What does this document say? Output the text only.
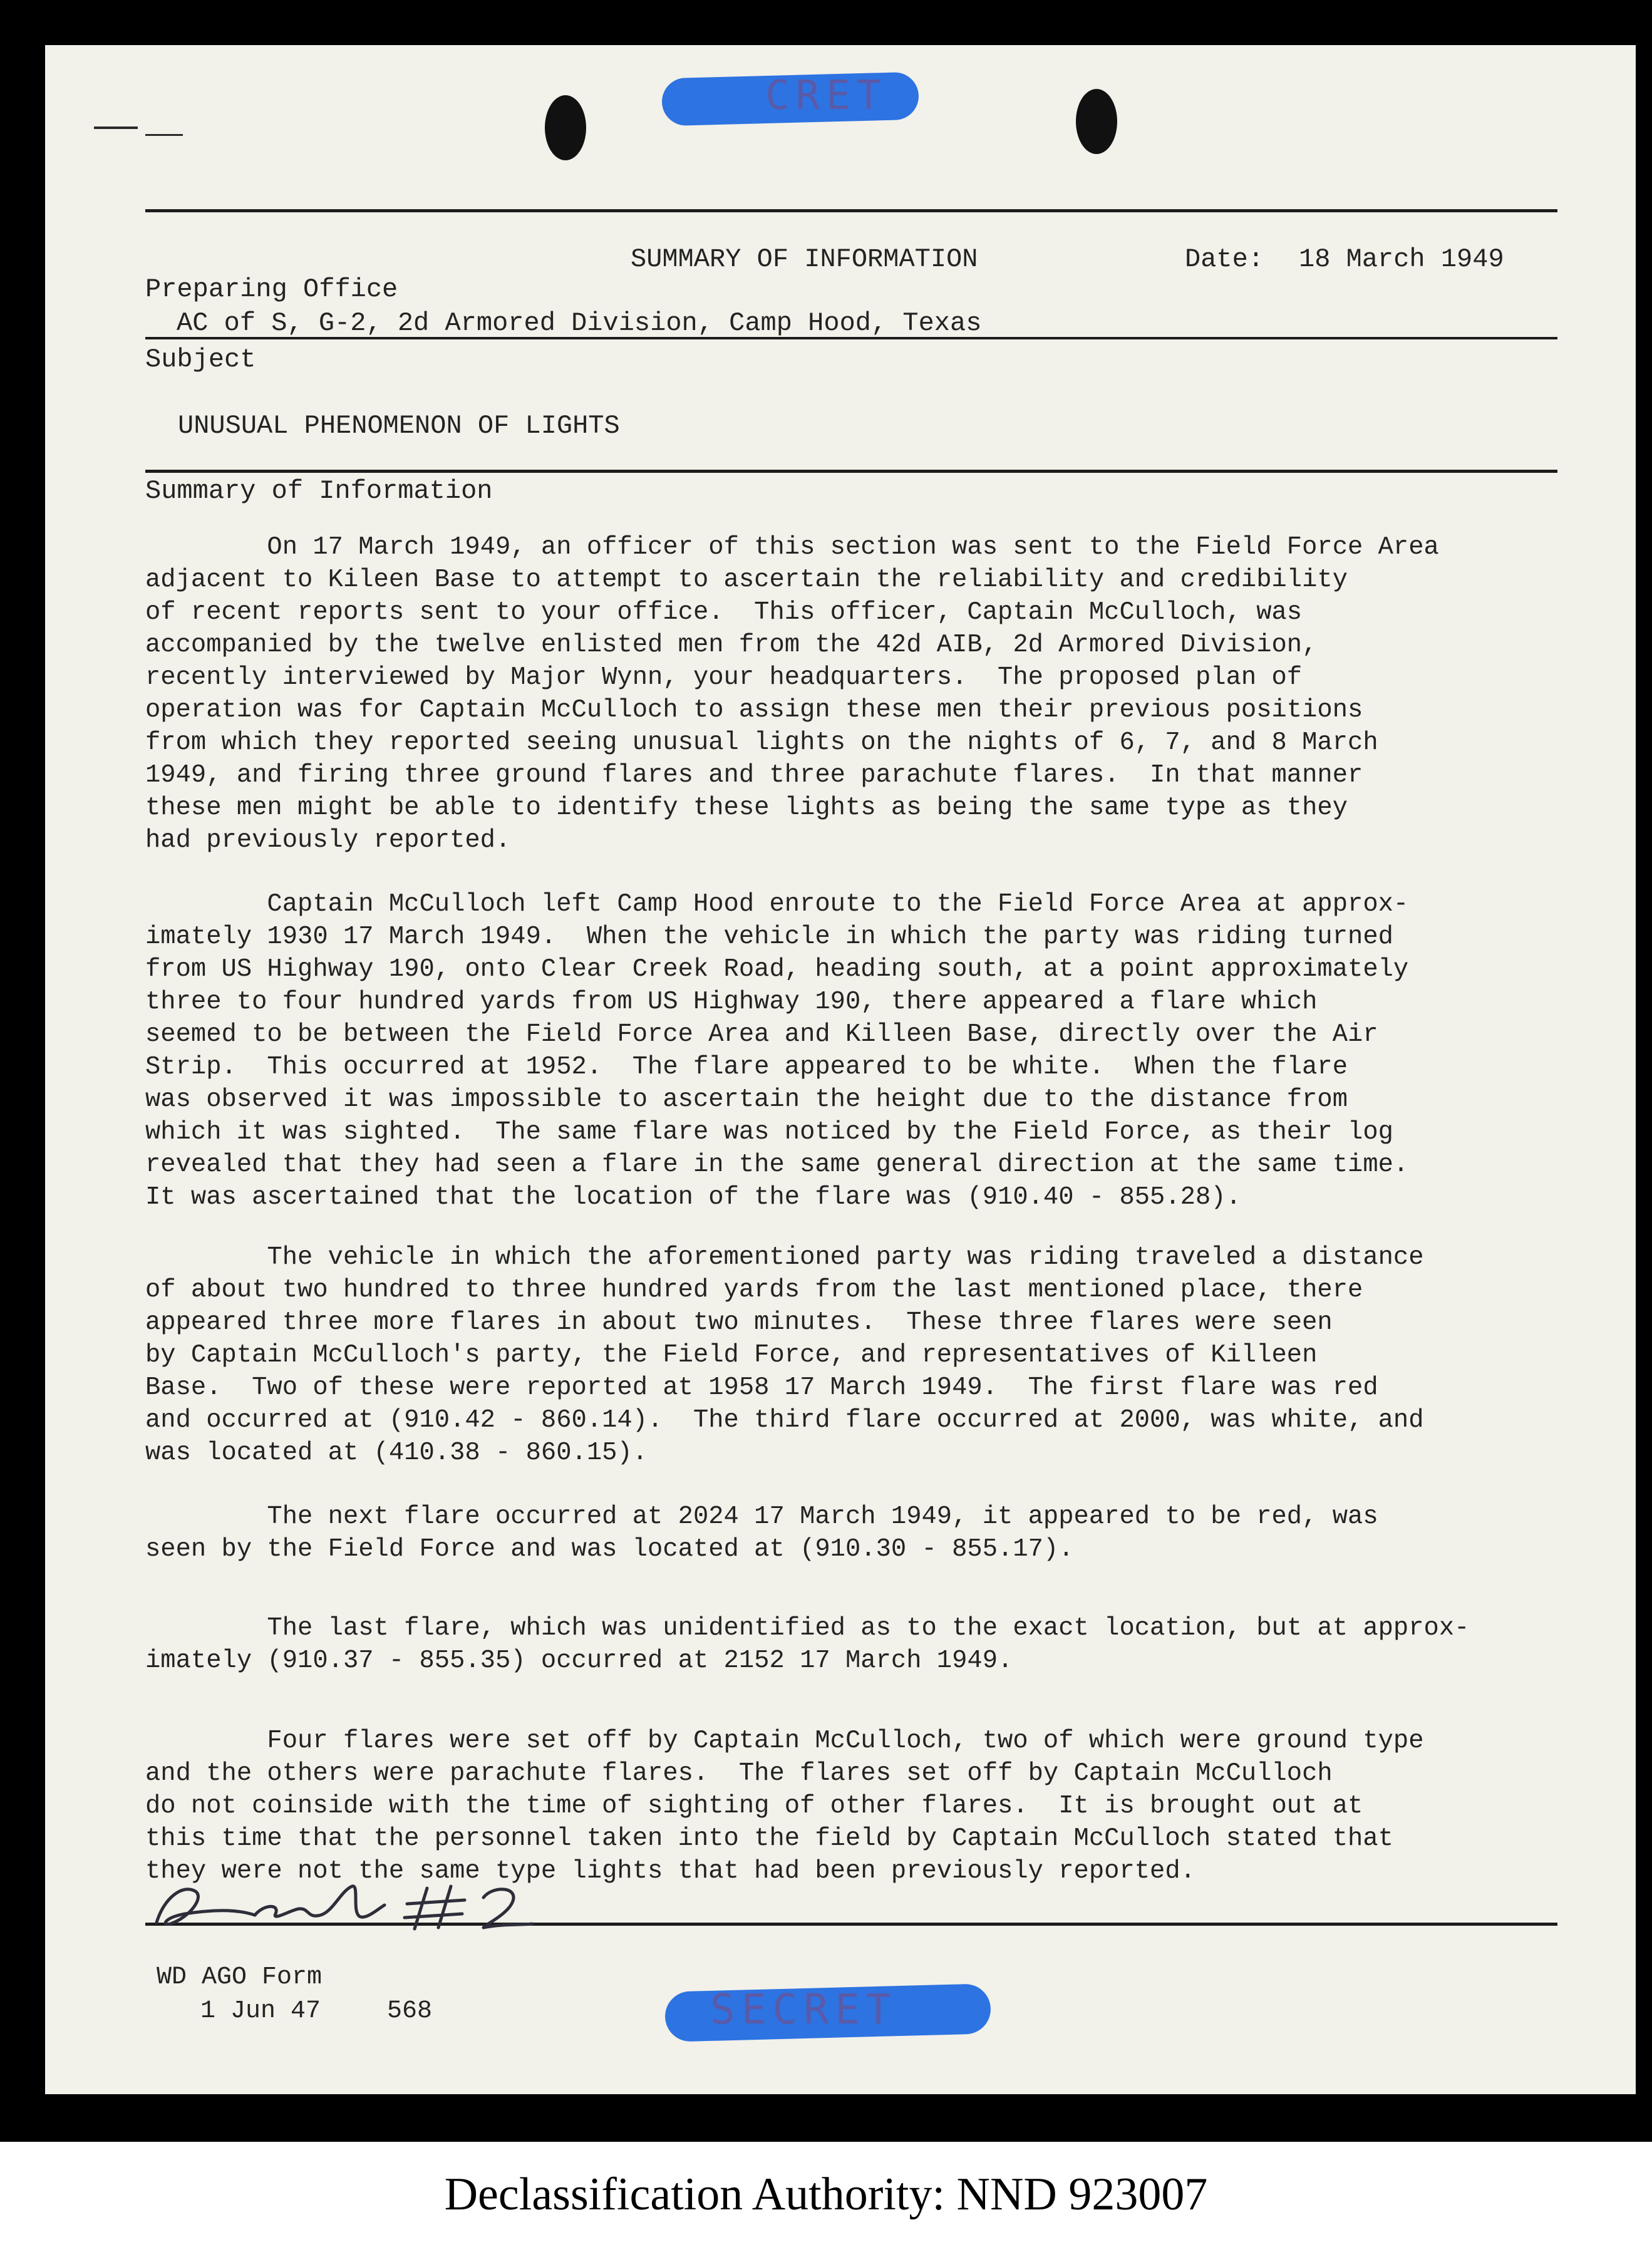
CRET
SUMMARY OF INFORMATION	Date: 18 March 1949
Preparing Office
AC of S, G-2, 2d Armored Division, Camp Hood, Texas
Subject
UNUSUAL PHENOMENON OF LIGHTS
Summary of Information
On 17 March 1949, an officer of this section was sent to the Field Force Area
adjacent to Kileen Base to attempt to ascertain the reliability and credibility
of recent reports sent to your office.  This officer, Captain McCulloch, was
accompanied by the twelve enlisted men from the 42d AIB, 2d Armored Division,
recently interviewed by Major Wynn, your headquarters.  The proposed plan of
operation was for Captain McCulloch to assign these men their previous positions
from which they reported seeing unusual lights on the nights of 6, 7, and 8 March
1949, and firing three ground flares and three parachute flares.  In that manner
these men might be able to identify these lights as being the same type as they
had previously reported.
Captain McCulloch left Camp Hood enroute to the Field Force Area at approx-
imately 1930 17 March 1949.  When the vehicle in which the party was riding turned
from US Highway 190, onto Clear Creek Road, heading south, at a point approximately
three to four hundred yards from US Highway 190, there appeared a flare which
seemed to be between the Field Force Area and Killeen Base, directly over the Air
Strip.  This occurred at 1952.  The flare appeared to be white.  When the flare
was observed it was impossible to ascertain the height due to the distance from
which it was sighted.  The same flare was noticed by the Field Force, as their log
revealed that they had seen a flare in the same general direction at the same time.
It was ascertained that the location of the flare was (910.40 - 855.28).
The vehicle in which the aforementioned party was riding traveled a distance
of about two hundred to three hundred yards from the last mentioned place, there
appeared three more flares in about two minutes.  These three flares were seen
by Captain McCulloch's party, the Field Force, and representatives of Killeen
Base.  Two of these were reported at 1958 17 March 1949.  The first flare was red
and occurred at (910.42 - 860.14).  The third flare occurred at 2000, was white, and
was located at (410.38 - 860.15).
The next flare occurred at 2024 17 March 1949, it appeared to be red, was
seen by the Field Force and was located at (910.30 - 855.17).
The last flare, which was unidentified as to the exact location, but at approx-
imately (910.37 - 855.35) occurred at 2152 17 March 1949.
Four flares were set off by Captain McCulloch, two of which were ground type
and the others were parachute flares.  The flares set off by Captain McCulloch
do not coinside with the time of sighting of other flares.  It is brought out at
this time that the personnel taken into the field by Captain McCulloch stated that
they were not the same type lights that had been previously reported.
WD AGO Form
1 Jun 47	568	SECRET
Declassification Authority: NND 923007
